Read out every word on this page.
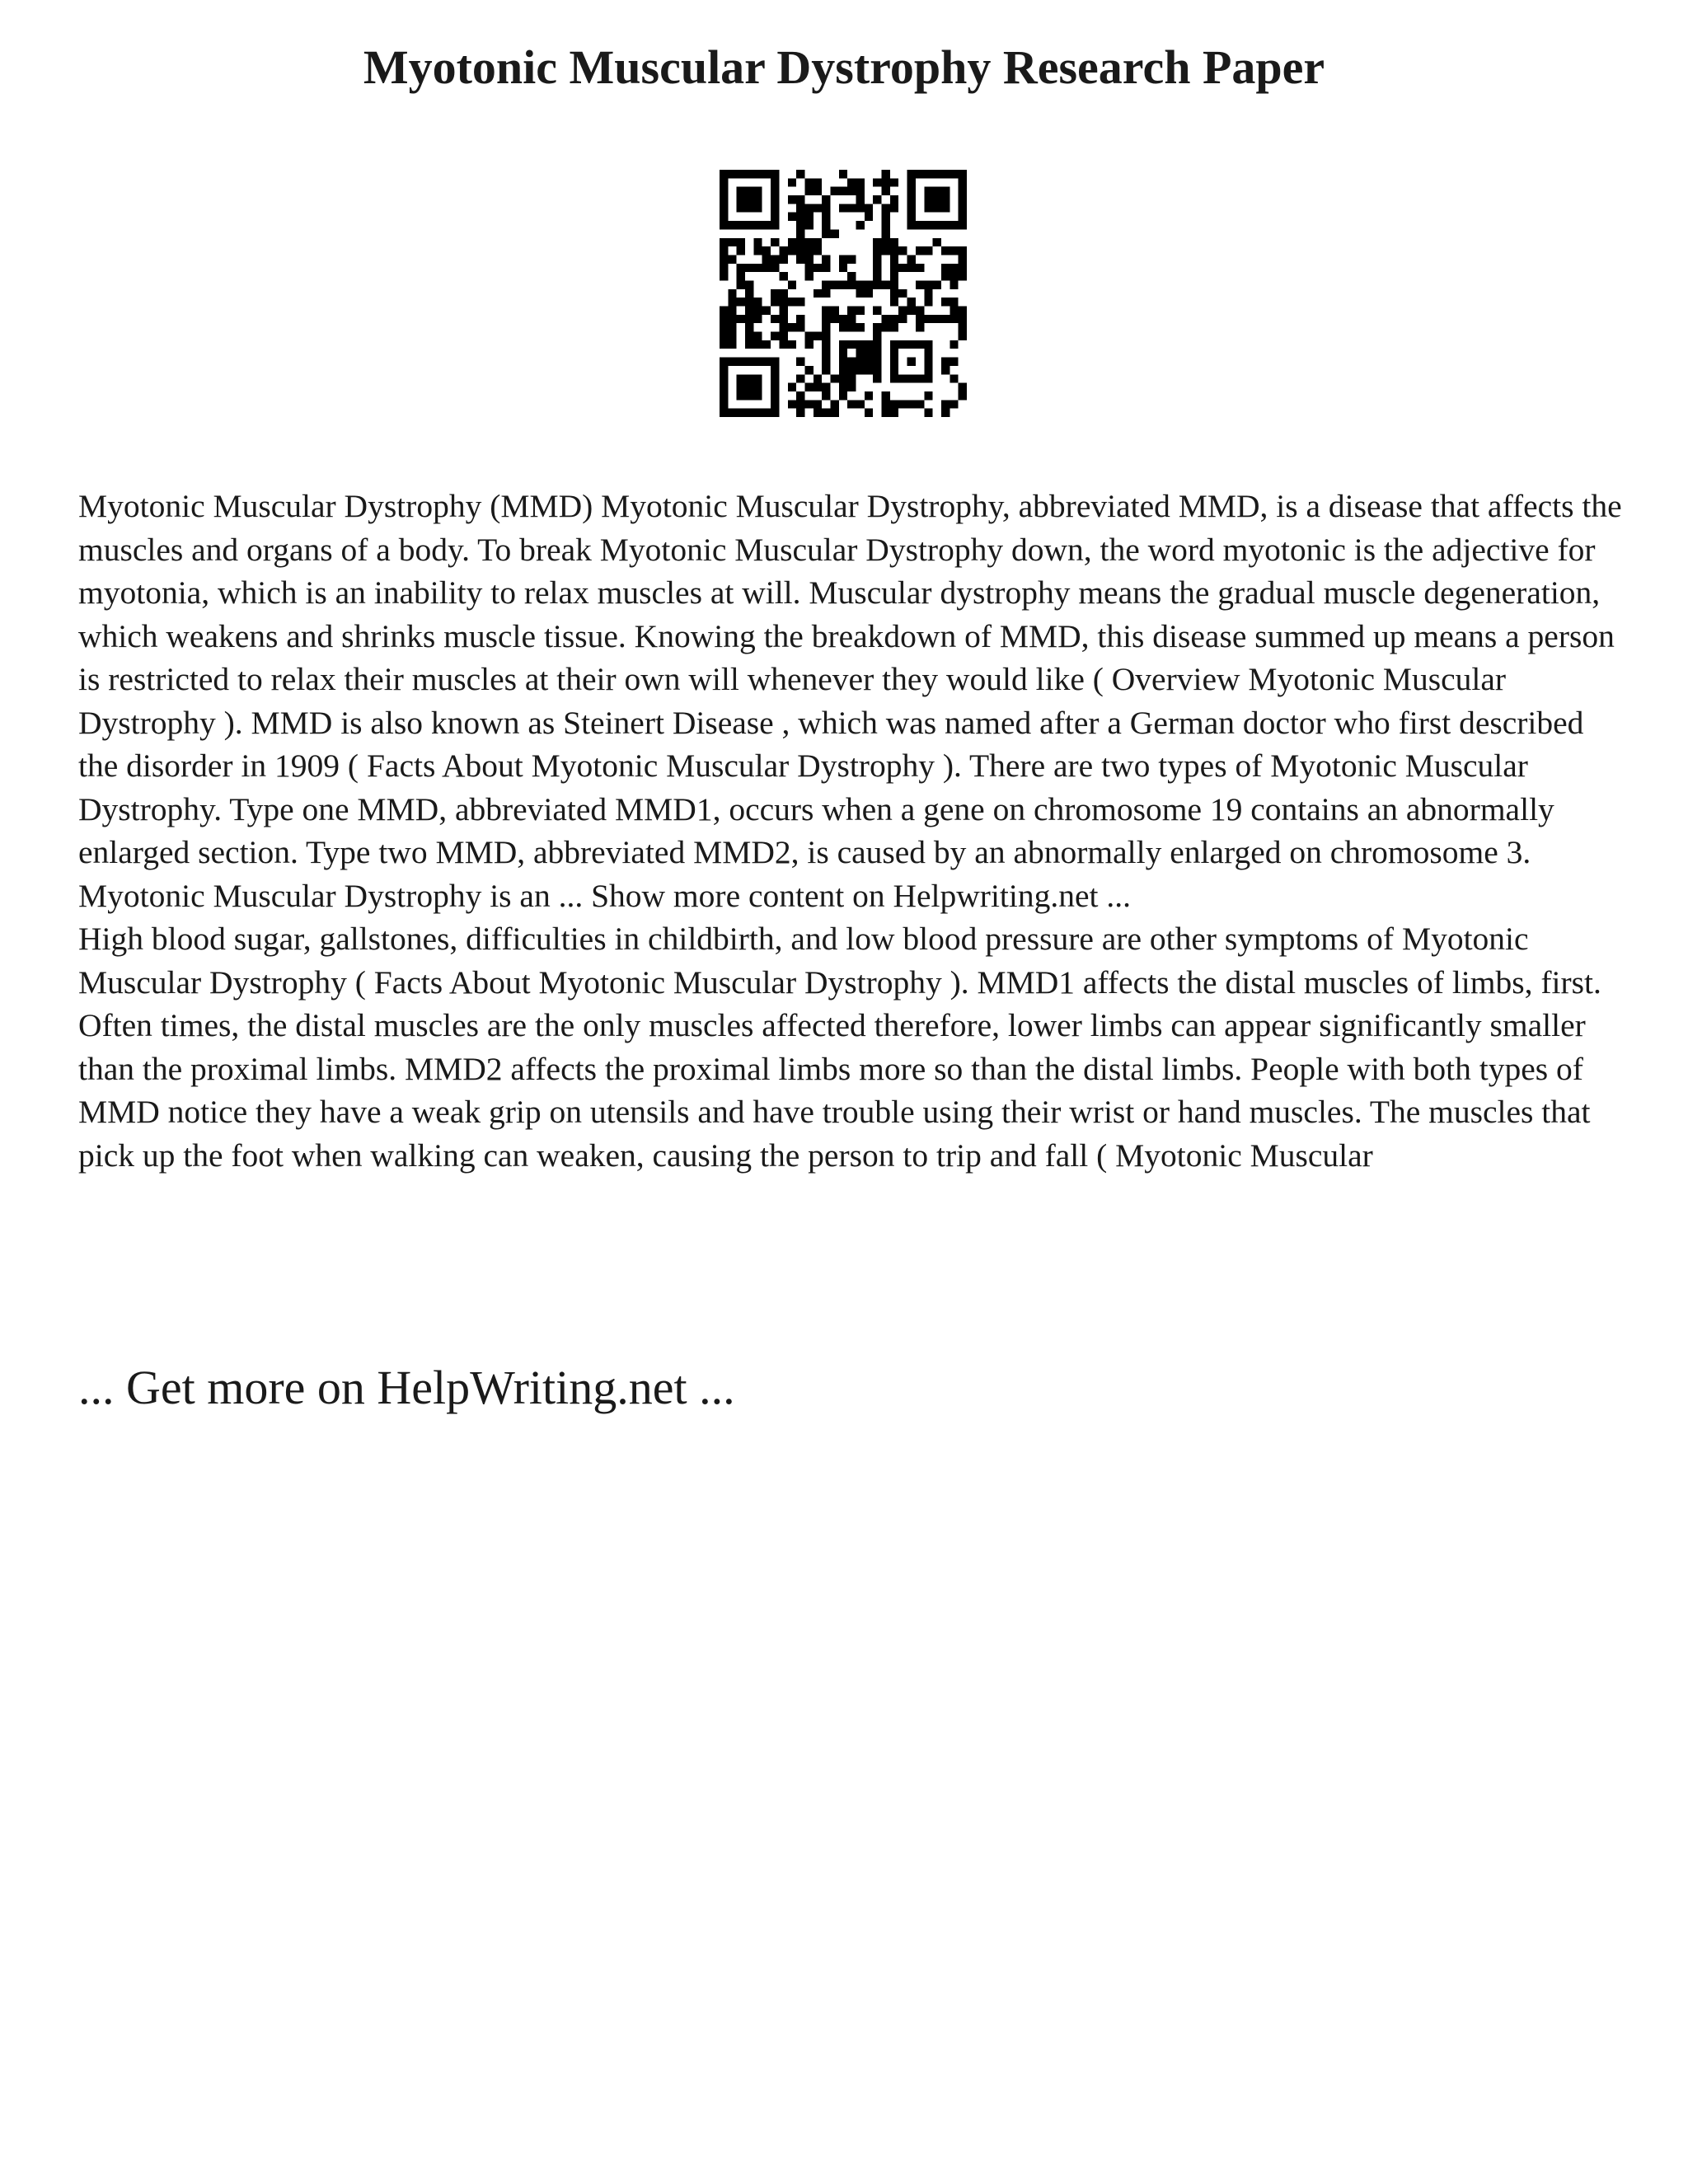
Myotonic Muscular Dystrophy Research Paper

Myotonic Muscular Dystrophy (MMD) Myotonic Muscular Dystrophy, abbreviated MMD, is a disease that affects the muscles and organs of a body. To break Myotonic Muscular Dystrophy down, the word myotonic is the adjective for myotonia, which is an inability to relax muscles at will. Muscular dystrophy means the gradual muscle degeneration, which weakens and shrinks muscle tissue. Knowing the breakdown of MMD, this disease summed up means a person is restricted to relax their muscles at their own will whenever they would like ( Overview Myotonic Muscular Dystrophy ). MMD is also known as Steinert Disease , which was named after a German doctor who first described the disorder in 1909 ( Facts About Myotonic Muscular Dystrophy ). There are two types of Myotonic Muscular Dystrophy. Type one MMD, abbreviated MMD1, occurs when a gene on chromosome 19 contains an abnormally enlarged section. Type two MMD, abbreviated MMD2, is caused by an abnormally enlarged on chromosome 3. Myotonic Muscular Dystrophy is an ... Show more content on Helpwriting.net ...

High blood sugar, gallstones, difficulties in childbirth, and low blood pressure are other symptoms of Myotonic Muscular Dystrophy ( Facts About Myotonic Muscular Dystrophy ). MMD1 affects the distal muscles of limbs, first. Often times, the distal muscles are the only muscles affected therefore, lower limbs can appear significantly smaller than the proximal limbs. MMD2 affects the proximal limbs more so than the distal limbs. People with both types of MMD notice they have a weak grip on utensils and have trouble using their wrist or hand muscles. The muscles that pick up the foot when walking can weaken, causing the person to trip and fall ( Myotonic Muscular

... Get more on HelpWriting.net ...
